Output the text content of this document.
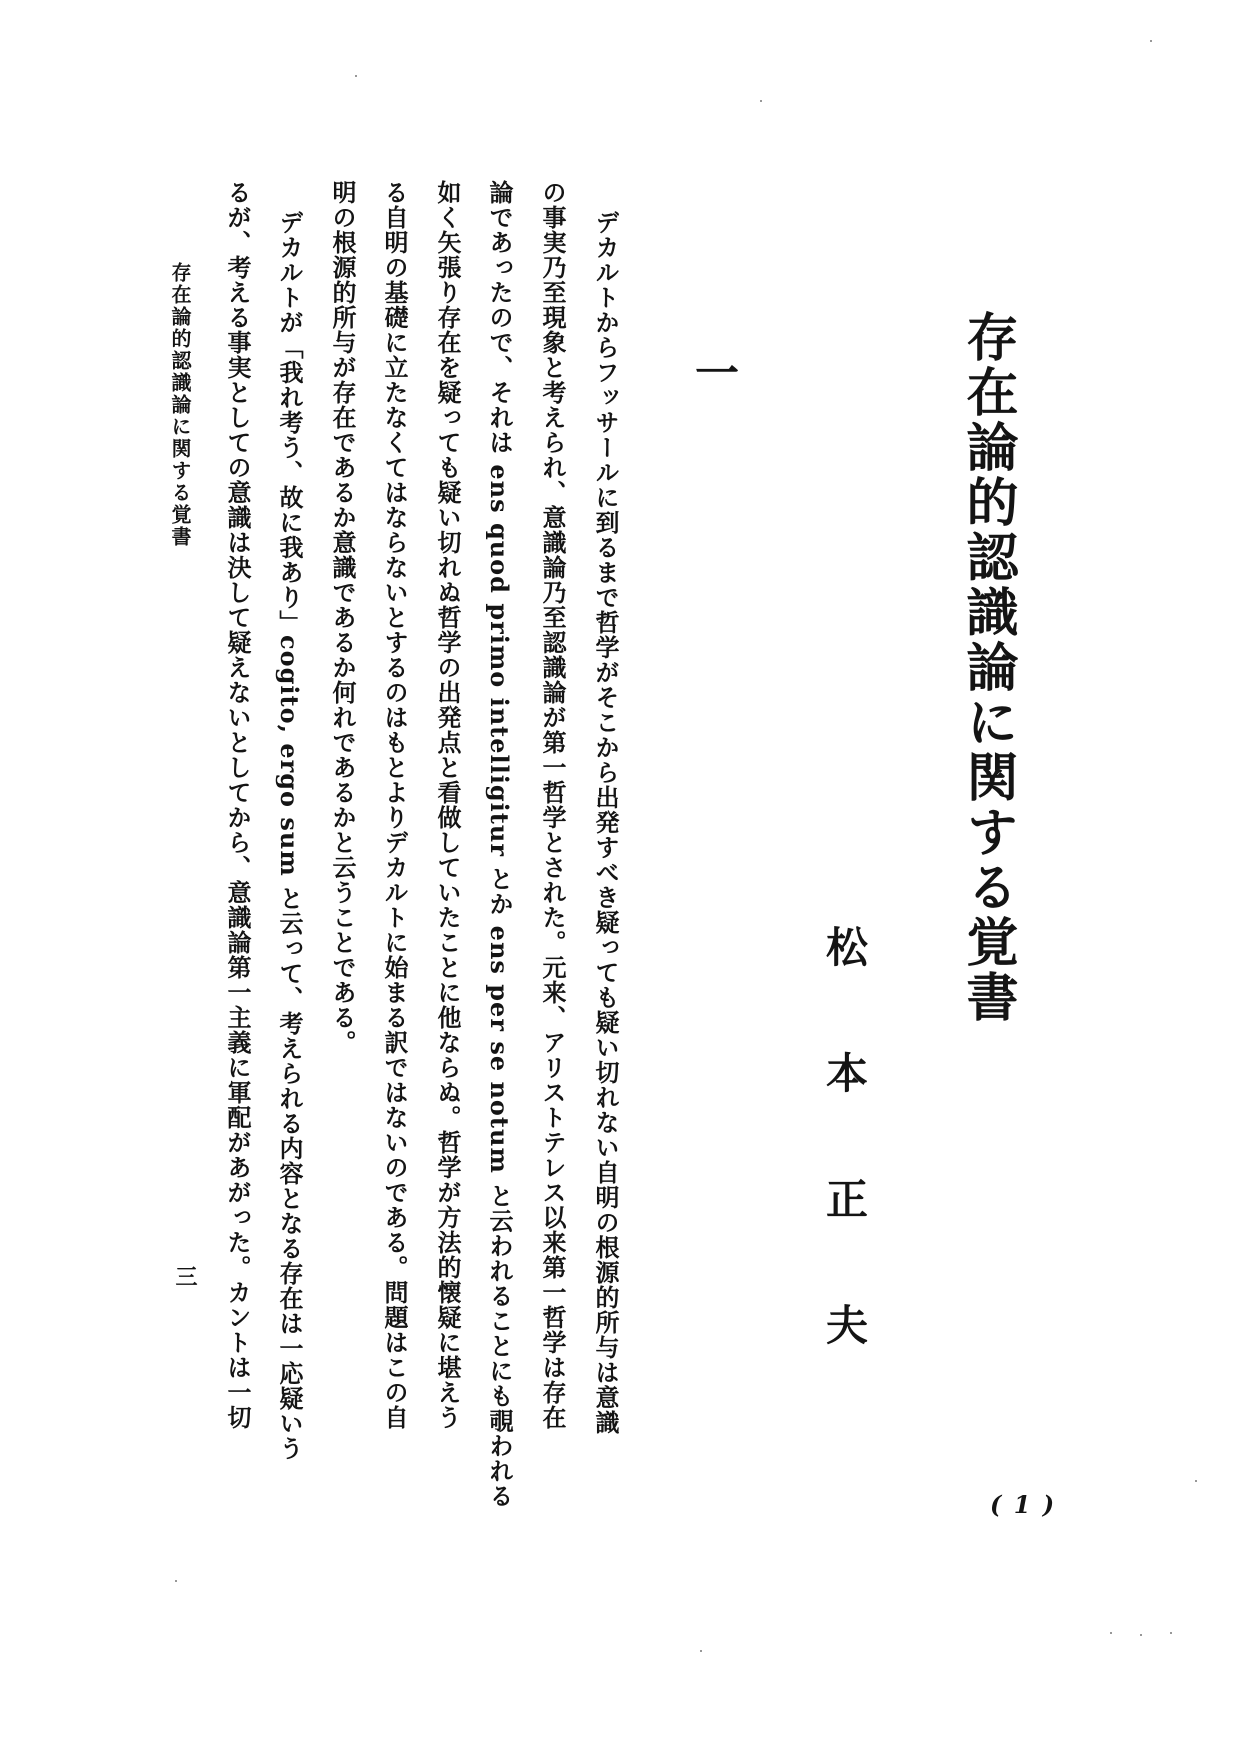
存在論的認識論に関する覚書
松本正夫
一
デカルトからフッサールに到るまで哲学がそこから出発すべき疑っても疑い切れない自明の根源的所与は意識
の事実乃至現象と考えられ、意識論乃至認識論が第一哲学とされた。元来、アリストテレス以来第一哲学は存在
論であったので、それは ens quod primo intelligitur とか ens per se notum と云われることにも覗われる
如く矢張り存在を疑っても疑い切れぬ哲学の出発点と看做していたことに他ならぬ。哲学が方法的懐疑に堪えう
る自明の基礎に立たなくてはならないとするのはもとよりデカルトに始まる訳ではないのである。問題はこの自
明の根源的所与が存在であるか意識であるか何れであるかと云うことである。
デカルトが「我れ考う、故に我あり」cogito, ergo sum と云って、考えられる内容となる存在は一応疑いう
るが、考える事実としての意識は決して疑えないとしてから、意識論第一主義に軍配があがった。カントは一切
存在論的認識論に関する覚書
三
( 1 )
